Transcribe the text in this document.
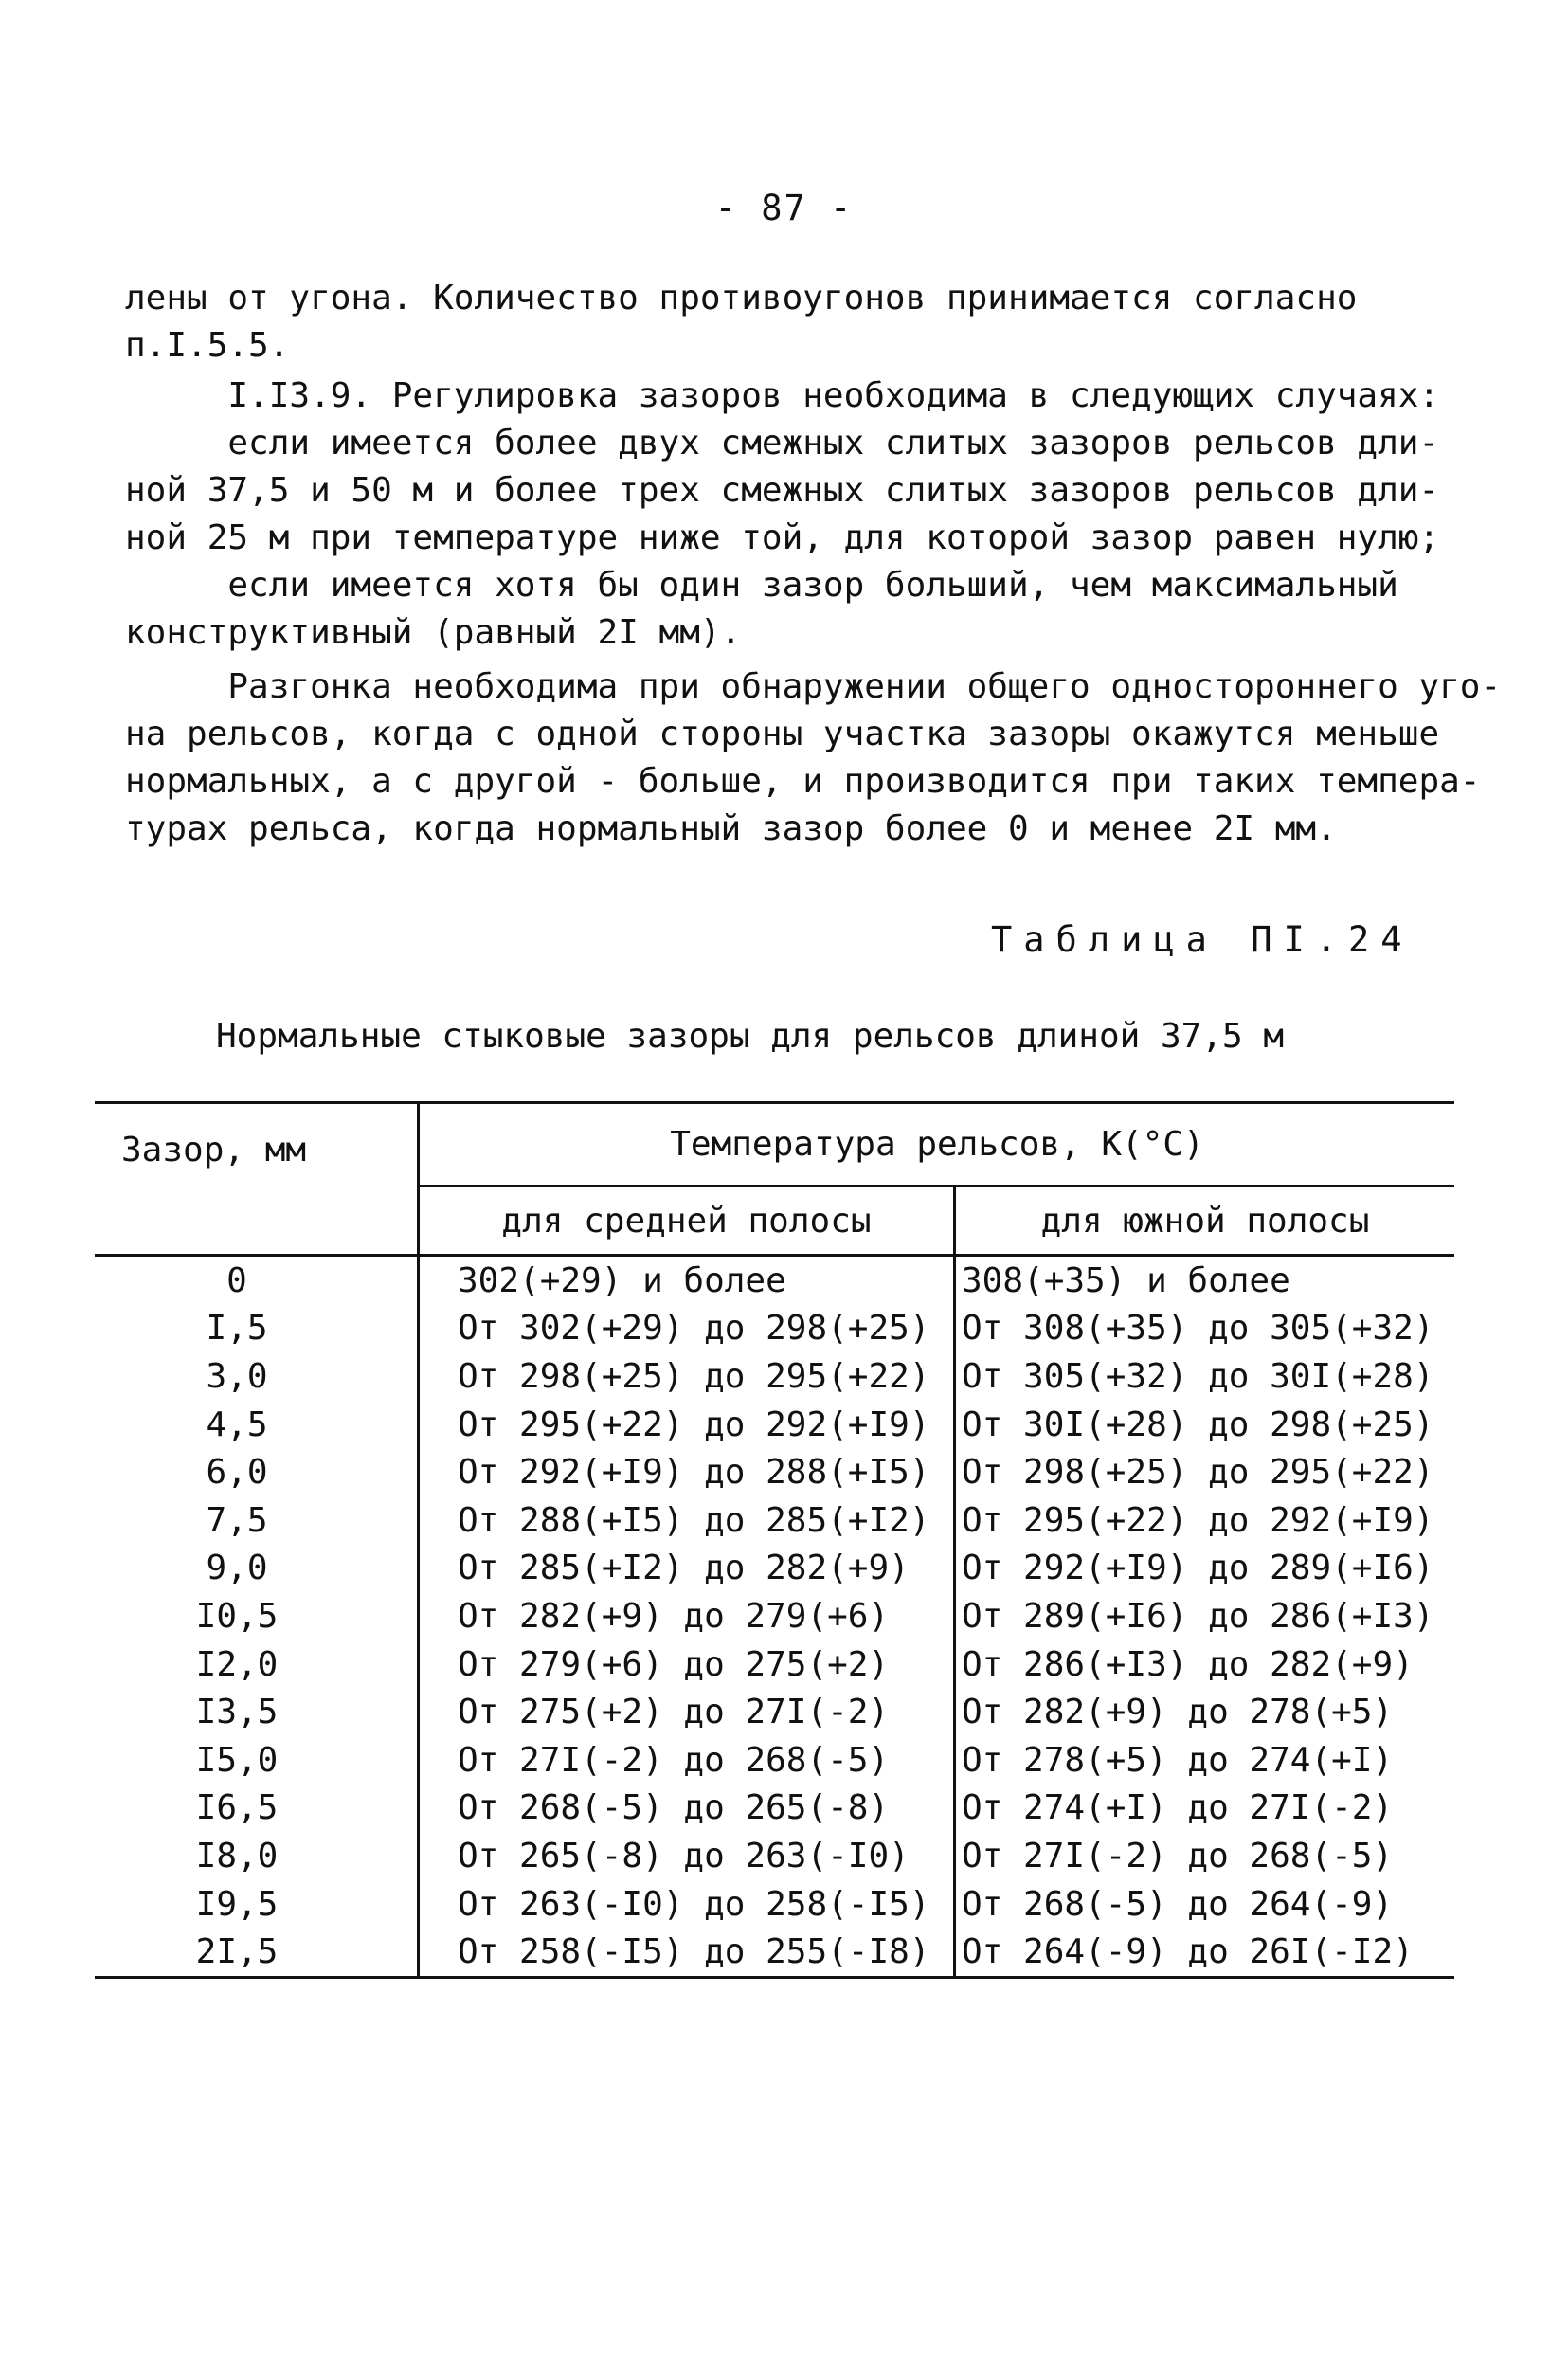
- 87 -
лены от угона. Количество противоугонов принимается согласно
п.I.5.5.
I.I3.9. Регулировка зазоров необходима в следующих случаях:
если имеется более двух смежных слитых зазоров рельсов дли-
ной 37,5 и 50 м и более трех смежных слитых зазоров рельсов дли-
ной 25 м при температуре ниже той, для которой зазор равен нулю;
если имеется хотя бы один зазор больший, чем максимальный
конструктивный (равный 2I мм).
Разгонка необходима при обнаружении общего одностороннего уго-
на рельсов, когда с одной стороны участка зазоры окажутся меньше
нормальных, а с другой - больше, и производится при таких темпера-
турах рельса, когда нормальный зазор более 0 и менее 2I мм.
Таблица ПI.24
Нормальные стыковые зазоры для рельсов длиной 37,5 м
Зазор, мм	Температура рельсов, К(°С)	
	для средней полосы	для южной полосы

0	302(+29) и более	308(+35) и более
I,5	От 302(+29) до 298(+25)	От 308(+35) до 305(+32)
3,0	От 298(+25) до 295(+22)	От 305(+32) до 30I(+28)
4,5	От 295(+22) до 292(+I9)	От 30I(+28) до 298(+25)
6,0	От 292(+I9) до 288(+I5)	От 298(+25) до 295(+22)
7,5	От 288(+I5) до 285(+I2)	От 295(+22) до 292(+I9)
9,0	От 285(+I2) до 282(+9)	От 292(+I9) до 289(+I6)
I0,5	От 282(+9) до 279(+6)	От 289(+I6) до 286(+I3)
I2,0	От 279(+6) до 275(+2)	От 286(+I3) до 282(+9)
I3,5	От 275(+2) до 27I(-2)	От 282(+9) до 278(+5)
I5,0	От 27I(-2) до 268(-5)	От 278(+5) до 274(+I)
I6,5	От 268(-5) до 265(-8)	От 274(+I) до 27I(-2)
I8,0	От 265(-8) до 263(-I0)	От 27I(-2) до 268(-5)
I9,5	От 263(-I0) до 258(-I5)	От 268(-5) до 264(-9)
2I,5	От 258(-I5) до 255(-I8)	От 264(-9) до 26I(-I2)
